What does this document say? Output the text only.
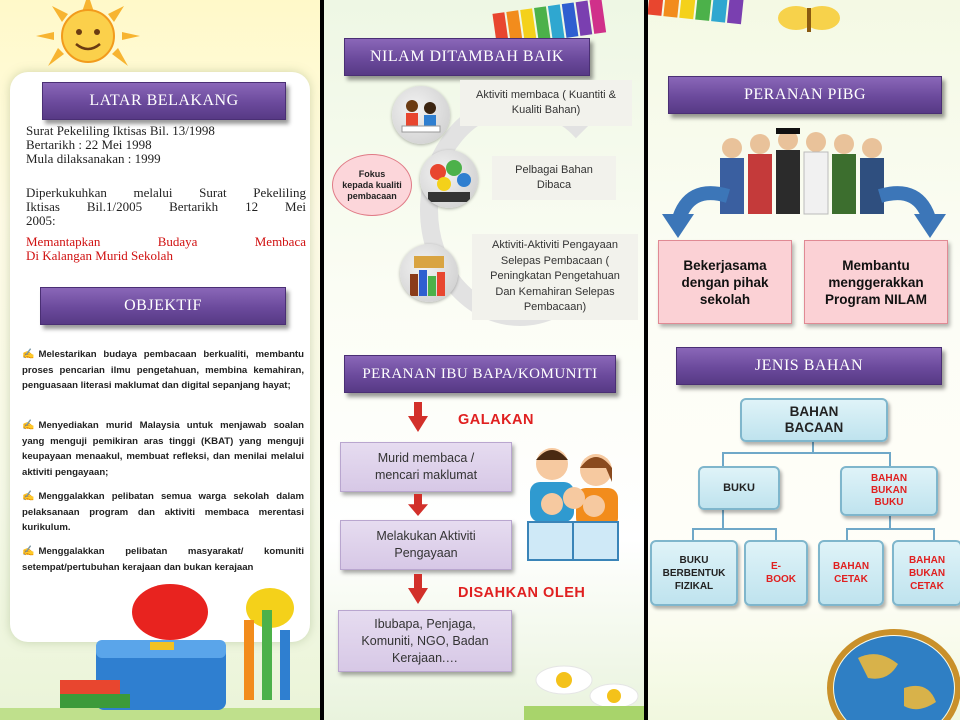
LATAR BELAKANG
Surat Pekeliling Iktisas Bil. 13/1998
Bertarikh : 22 Mei 1998
Mula dilaksanakan : 1999
Diperkukuhkan melalui Surat Pekeliling
Iktisas Bil.1/2005 Bertarikh 12 Mei
2005:
Memantapkan Budaya Membaca
Di Kalangan Murid Sekolah
OBJEKTIF
✍ Melestarikan budaya pembacaan berkualiti, membantu proses pencarian ilmu pengetahuan, membina kemahiran, penguasaan literasi maklumat dan digital sepanjang hayat;
✍ Menyediakan murid Malaysia untuk menjawab soalan yang menguji pemikiran aras tinggi (KBAT) yang menguji keupayaan menaakul, membuat refleksi, dan menilai melalui aktiviti pengayaan;
✍ Menggalakkan pelibatan semua warga sekolah dalam pelaksanaan program dan aktiviti membaca merentasi kurikulum.
✍ Menggalakkan pelibatan masyarakat/ komuniti setempat/pertubuhan kerajaan dan bukan kerajaan
NILAM DITAMBAH BAIK
Fokus kepada kualiti pembacaan
Aktiviti membaca ( Kuantiti & Kualiti Bahan)
Pelbagai Bahan Dibaca
Aktiviti-Aktiviti Pengayaan Selepas Pembacaan ( Peningkatan Pengetahuan Dan Kemahiran Selepas Pembacaan)
PERANAN IBU BAPA/KOMUNITI
GALAKAN
Murid membaca / mencari maklumat
Melakukan Aktiviti Pengayaan
DISAHKAN OLEH
Ibubapa, Penjaga, Komuniti, NGO, Badan Kerajaan.…
PERANAN PIBG
Bekerjasama dengan pihak sekolah
Membantu menggerakkan Program NILAM
JENIS BAHAN
BAHAN BACAAN
BUKU
BAHAN BUKAN BUKU
BUKU BERBENTUK FIZIKAL
E-BOOK
BAHAN CETAK
BAHAN BUKAN CETAK
